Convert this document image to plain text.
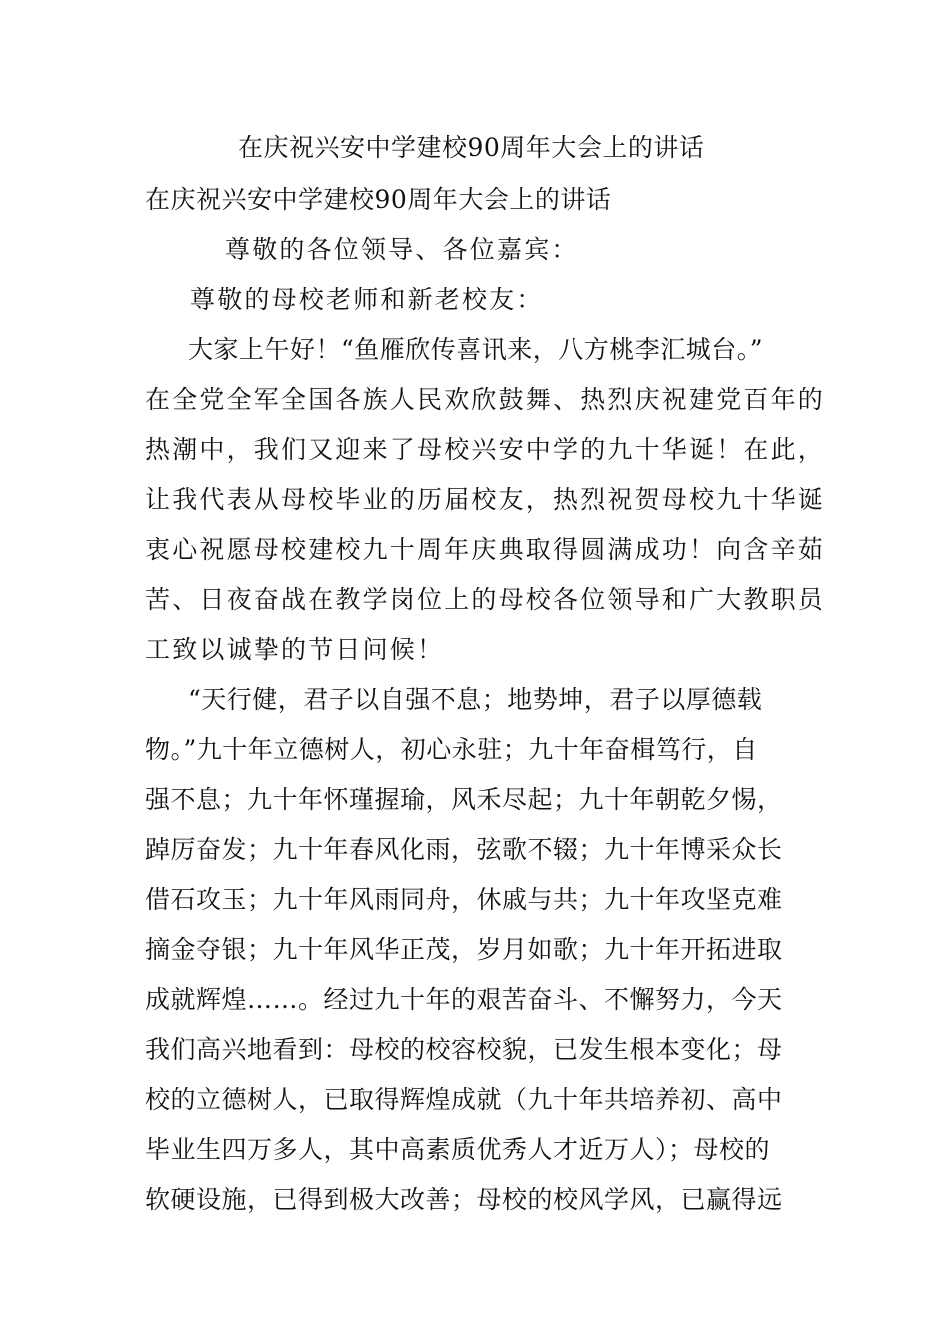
在庆祝兴安中学建校90周年大会上的讲话
在庆祝兴安中学建校90周年大会上的讲话
尊敬的各位领导、各位嘉宾：
尊敬的母校老师和新老校友：
大家上午好！“鱼雁欣传喜讯来，八方桃李汇城台。”
在全党全军全国各族人民欢欣鼓舞、热烈庆祝建党百年的
热潮中，我们又迎来了母校兴安中学的九十华诞！在此，
让我代表从母校毕业的历届校友，热烈祝贺母校九十华诞
衷心祝愿母校建校九十周年庆典取得圆满成功！向含辛茹
苦、日夜奋战在教学岗位上的母校各位领导和广大教职员
工致以诚挚的节日问候！
“天行健，君子以自强不息；地势坤，君子以厚德载
物。”九十年立德树人，初心永驻；九十年奋楫笃行，自
强不息；九十年怀瑾握瑜，风禾尽起；九十年朝乾夕惕，
踔厉奋发；九十年春风化雨，弦歌不辍；九十年博采众长
借石攻玉；九十年风雨同舟，休戚与共；九十年攻坚克难
摘金夺银；九十年风华正茂，岁月如歌；九十年开拓进取
成就辉煌……。经过九十年的艰苦奋斗、不懈努力，今天
我们高兴地看到：母校的校容校貌，已发生根本变化；母
校的立德树人，已取得辉煌成就（九十年共培养初、高中
毕业生四万多人，其中高素质优秀人才近万人）；母校的
软硬设施，已得到极大改善；母校的校风学风，已赢得远
